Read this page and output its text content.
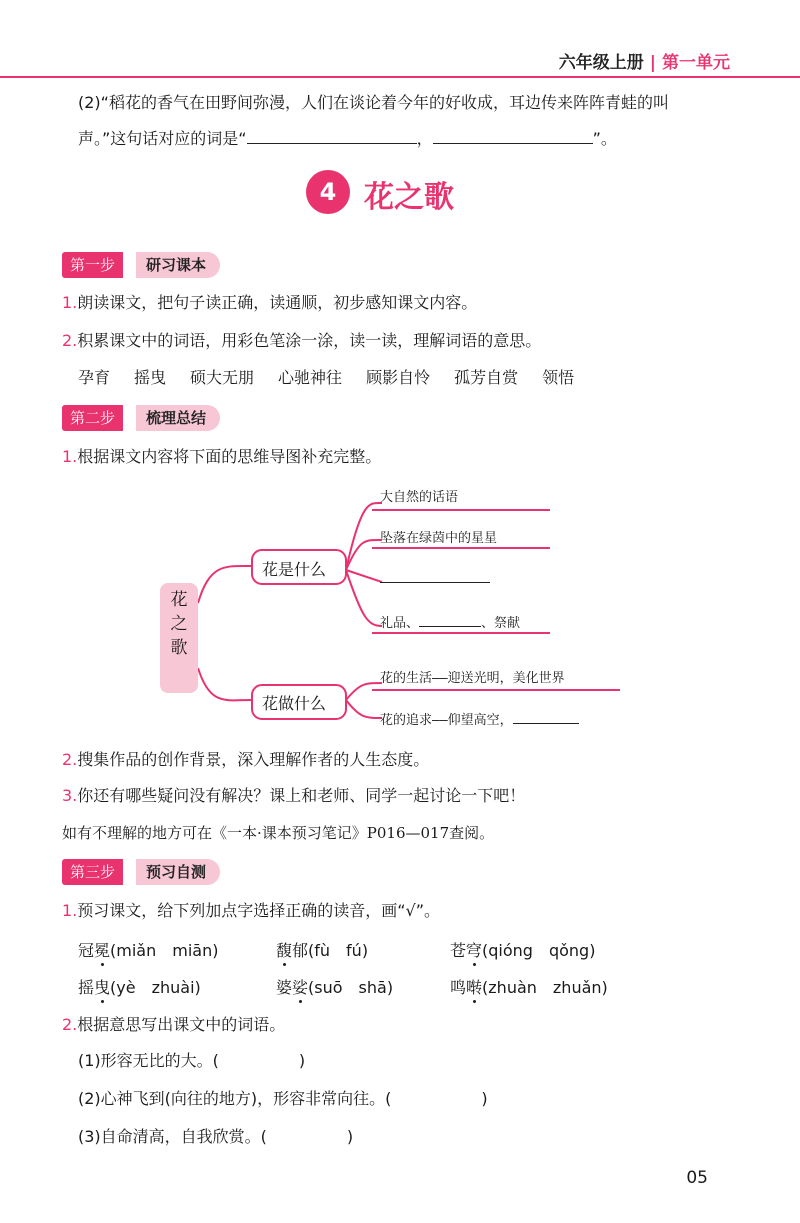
六年级上册 | 第一单元
(2)“稻花的香气在田野间弥漫，人们在谈论着今年的好收成，耳边传来阵阵青蛙的叫
声。”这句话对应的词是“	，	”。
4 花之歌
第一步	研习课本
1.朗读课文，把句子读正确，读通顺，初步感知课文内容。
2.积累课文中的词语，用彩色笔涂一涂，读一读，理解词语的意思。
孕育 摇曳 硕大无朋 心驰神往 顾影自怜 孤芳自赏 领悟
第二步	梳理总结
1.根据课文内容将下面的思维导图补充完整。
花之歌
花是什么
花做什么
大自然的话语
坠落在绿茵中的星星
礼品、	、祭献
花的生活——迎送光明，美化世界
花的追求——仰望高空，
2.搜集作品的创作背景，深入理解作者的人生态度。
3.你还有哪些疑问没有解决？课上和老师、同学一起讨论一下吧！
如有不理解的地方可在《一本·课本预习笔记》P016—017查阅。
第三步	预习自测
1.预习课文，给下列加点字选择正确的读音，画“√”。
冠冕(miǎn　miān)	馥郁(fù　fú)	苍穹(qióng　qǒng)
摇曳(yè　zhuài)	婆娑(suō　shā)	鸣啭(zhuàn　zhuǎn)
2.根据意思写出课文中的词语。
(1)形容无比的大。(	)
(2)心神飞到(向往的地方)，形容非常向往。(	)
(3)自命清高，自我欣赏。(	)
05
